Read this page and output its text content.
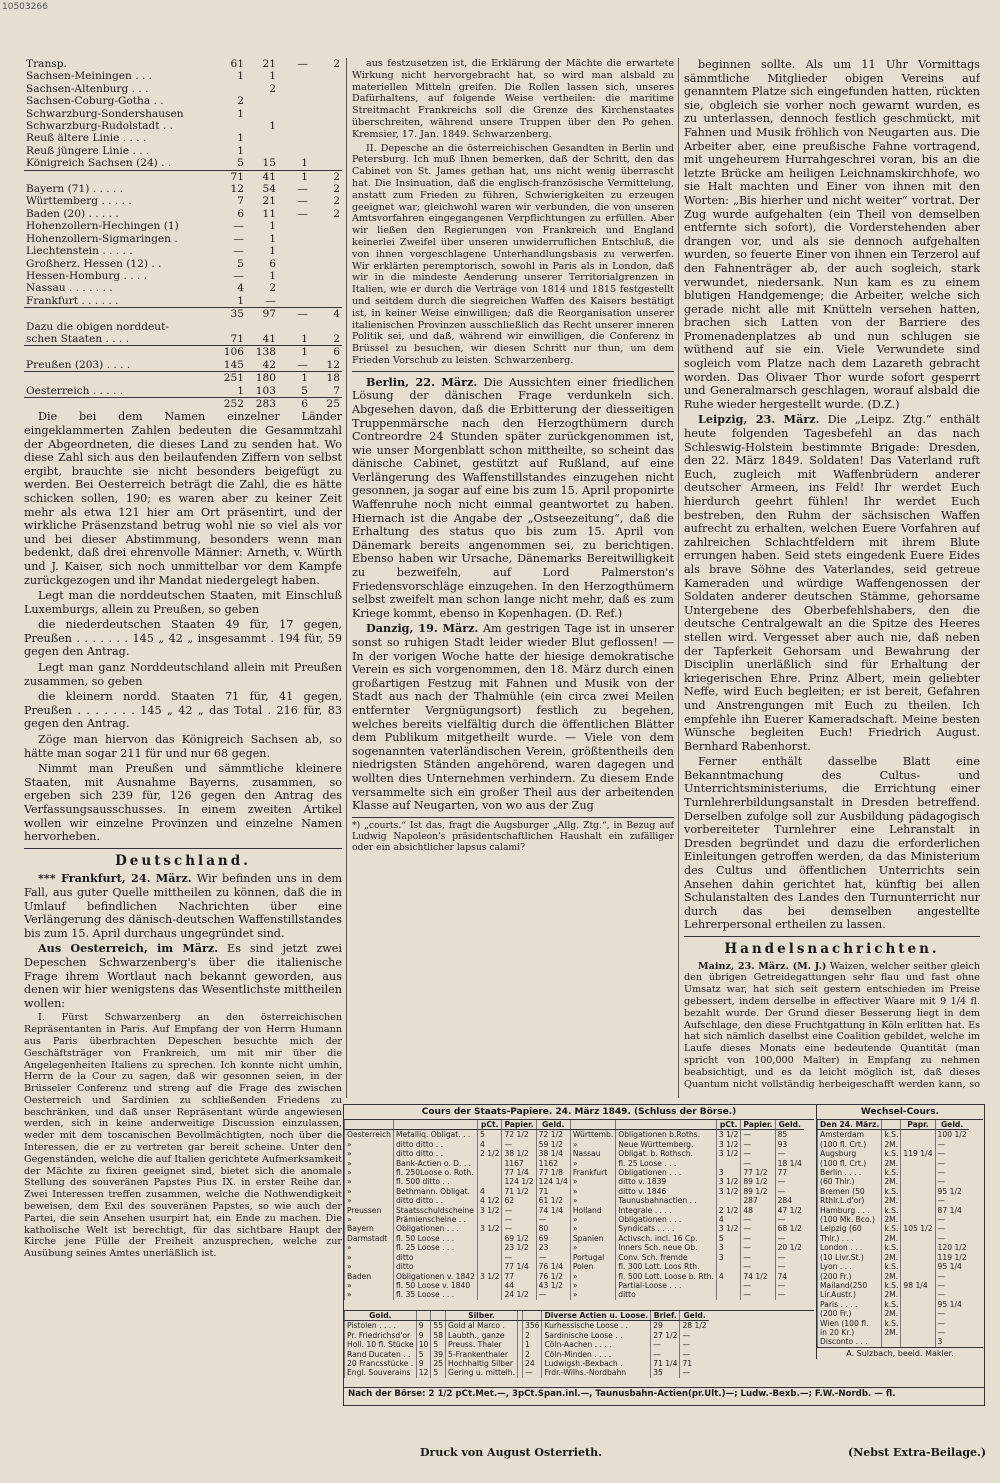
10503266
Transp.	61	21	—	2
Sachsen-Meiningen . . .	1	1		
Sachsen-Altenburg . . .		2		
Sachsen-Coburg-Gotha . .	2			
Schwarzburg-Sondershausen	1			
Schwarzburg-Rudolstadt . .		1		
Reuß ältere Linie . . . .	1			
Reuß jüngere Linie . . .	1			
Königreich Sachsen (24) . .	5	15	1	
	71	41	1	2
Bayern (71) . . . . .	12	54	—	2
Württemberg . . . . .	7	21	—	2
Baden (20) . . . . .	6	11	—	2
Hohenzollern-Hechingen (1)	—	1		
Hohenzollern-Sigmaringen .	—	1		
Liechtenstein . . . . .	—	1		
Großherz. Hessen (12) . .	5	6		
Hessen-Homburg . . . .	—	1		
Nassau . . . . . . .	4	2		
Frankfurt . . . . . .	1	—		
	35	97	—	4
Dazu die obigen norddeut-				
schen Staaten . . . .	71	41	1	2
	106	138	1	6
Preußen (203) . . . .	145	42	—	12
	251	180	1	18
Oesterreich . . . . .	1	103	5	7
	252	283	6	25

Die bei dem Namen einzelner Länder eingeklammerten Zahlen bedeuten die Gesammtzahl der Abgeordneten, die dieses Land zu senden hat. Wo diese Zahl sich aus den beilaufenden Ziffern von selbst ergibt, brauchte sie nicht besonders beigefügt zu werden. Bei Oesterreich beträgt die Zahl, die es hätte schicken sollen, 190; es waren aber zu keiner Zeit mehr als etwa 121 hier am Ort präsentirt, und der wirkliche Präsenzstand betrug wohl nie so viel als vor und bei dieser Abstimmung, besonders wenn man bedenkt, daß drei ehrenvolle Männer: Arneth, v. Würth und J. Kaiser, sich noch unmittelbar vor dem Kampfe zurückgezogen und ihr Mandat niedergelegt haben.

Legt man die norddeutschen Staaten, mit Einschluß Luxemburgs, allein zu Preußen, so geben

die niederdeutschen Staaten 49 für, 17 gegen, Preußen . . . . . . . 145 „ 42 „ insgesammt . 194 für, 59 gegen den Antrag.

Legt man ganz Norddeutschland allein mit Preußen zusammen, so geben

die kleinern nordd. Staaten 71 für, 41 gegen, Preußen . . . . . . . 145 „ 42 „ das Total . 216 für, 83 gegen den Antrag.

Zöge man hiervon das Königreich Sachsen ab, so hätte man sogar 211 für und nur 68 gegen.

Nimmt man Preußen und sämmtliche kleinere Staaten, mit Ausnahme Bayerns, zusammen, so ergeben sich 239 für, 126 gegen den Antrag des Verfassungsausschusses. In einem zweiten Artikel wollen wir einzelne Provinzen und einzelne Namen hervorheben.

Deutschland.

*** Frankfurt, 24. März. Wir befinden uns in dem Fall, aus guter Quelle mittheilen zu können, daß die in Umlauf befindlichen Nachrichten über eine Verlängerung des dänisch-deutschen Waffenstillstandes bis zum 15. April durchaus ungegründet sind.

Aus Oesterreich, im März. Es sind jetzt zwei Depeschen Schwarzenberg's über die italienische Frage ihrem Wortlaut nach bekannt geworden, aus denen wir hier wenigstens das Wesentlichste mittheilen wollen:

I. Fürst Schwarzenberg an den österreichischen Repräsentanten in Paris. Auf Empfang der von Herrn Humann aus Paris überbrachten Depeschen besuchte mich der Geschäftsträger von Frankreich, um mit mir über die Angelegenheiten Italiens zu sprechen. Ich konnte nicht umhin, Herrn de la Cour zu sagen, daß wir gesonnen seien, in der Brüsseler Conferenz und streng auf die Frage des zwischen Oesterreich und Sardinien zu schließenden Friedens zu beschränken, und daß unser Repräsentant würde angewiesen werden, sich in keine anderweitige Discussion einzulassen, weder mit dem toscanischen Bevollmächtigten, noch über die Interessen, die er zu vertreten gar bereit scheine. Unter den Gegenständen, welche die auf Italien gerichtete Aufmerksamkeit der Mächte zu fixiren geeignet sind, bietet sich die anomale Stellung des souveränen Papstes Pius IX. in erster Reihe dar. Zwei Interessen treffen zusammen, welche die Nothwendigkeit beweisen, dem Exil des souveränen Papstes, so wie auch der Partei, die sein Ansehen usurpirt hat, ein Ende zu machen. Die katholische Welt ist berechtigt, für das sichtbare Haupt der Kirche jene Fülle der Freiheit anzusprechen, welche zur Ausübung seines Amtes unerläßlich ist.

aus festzusetzen ist, die Erklärung der Mächte die erwartete Wirkung nicht hervorgebracht hat, so wird man alsbald zu materiellen Mitteln greifen. Die Rollen lassen sich, unseres Dafürhaltens, auf folgende Weise vertheilen: die maritime Streitmacht Frankreichs soll die Grenze des Kirchenstaates überschreiten, während unsere Truppen über den Po gehen. Kremsier, 17. Jan. 1849. Schwarzenberg.

II. Depesche an die österreichischen Gesandten in Berlin und Petersburg. Ich muß Ihnen bemerken, daß der Schritt, den das Cabinet von St. James gethan hat, uns nicht wenig überrascht hat. Die Insinuation, daß die englisch-französische Vermittelung, anstatt zum Frieden zu führen, Schwierigkeiten zu erzeugen geeignet war; gleichwohl waren wir verbunden, die von unseren Amtsvorfahren eingegangenen Verpflichtungen zu erfüllen. Aber wir ließen den Regierungen von Frankreich und England keinerlei Zweifel über unseren unwiderruflichen Entschluß, die von ihnen vorgeschlagene Unterhandlungsbasis zu verwerfen. Wir erklärten peremptorisch, sowohl in Paris als in London, daß wir in die mindeste Aenderung unserer Territorialgrenzen in Italien, wie er durch die Verträge von 1814 und 1815 festgestellt und seitdem durch die siegreichen Waffen des Kaisers bestätigt ist, in keiner Weise einwilligen; daß die Reorganisation unserer italienischen Provinzen ausschließlich das Recht unserer inneren Politik sei, und daß, während wir einwilligen, die Conferenz in Brüssel zu besuchen, wir diesen Schritt nur thun, um dem Frieden Vorschub zu leisten. Schwarzenberg.

Berlin, 22. März. Die Aussichten einer friedlichen Lösung der dänischen Frage verdunkeln sich. Abgesehen davon, daß die Erbitterung der diesseitigen Truppenmärsche nach den Herzogthümern durch Contreordre 24 Stunden später zurückgenommen ist, wie unser Morgenblatt schon mittheilte, so scheint das dänische Cabinet, gestützt auf Rußland, auf eine Verlängerung des Waffenstillstandes einzugehen nicht gesonnen, ja sogar auf eine bis zum 15. April proponirte Waffenruhe noch nicht einmal geantwortet zu haben. Hiernach ist die Angabe der „Ostseezeitung“, daß die Erhaltung des status quo bis zum 15. April von Dänemark bereits angenommen sei, zu berichtigen. Ebenso haben wir Ursache, Dänemarks Bereitwilligkeit zu bezweifeln, auf Lord Palmerston's Friedensvorschläge einzugehen. In den Herzogthümern selbst zweifelt man schon lange nicht mehr, daß es zum Kriege kommt, ebenso in Kopenhagen. (D. Ref.)

Danzig, 19. März. Am gestrigen Tage ist in unserer sonst so ruhigen Stadt leider wieder Blut geflossen! — In der vorigen Woche hatte der hiesige demokratische Verein es sich vorgenommen, den 18. März durch einen großartigen Festzug mit Fahnen und Musik von der Stadt aus nach der Thalmühle (ein circa zwei Meilen entfernter Vergnügungsort) festlich zu begehen, welches bereits vielfältig durch die öffentlichen Blätter dem Publikum mitgetheilt wurde. — Viele von dem sogenannten vaterländischen Verein, größtentheils den niedrigsten Ständen angehörend, waren dagegen und wollten dies Unternehmen verhindern. Zu diesem Ende versammelte sich ein großer Theil aus der arbeitenden Klasse auf Neugarten, von wo aus der Zug

*) „courts.“ Ist das, fragt die Augsburger „Allg. Ztg.“, in Bezug auf Ludwig Napoleon's präsidentschaftlichen Haushalt ein zufälliger oder ein absichtlicher lapsus calami?

beginnen sollte. Als um 11 Uhr Vormittags sämmtliche Mitglieder obigen Vereins auf genanntem Platze sich eingefunden hatten, rückten sie, obgleich sie vorher noch gewarnt wurden, es zu unterlassen, dennoch festlich geschmückt, mit Fahnen und Musik fröhlich von Neugarten aus. Die Arbeiter aber, eine preußische Fahne vortragend, mit ungeheurem Hurrahgeschrei voran, bis an die letzte Brücke am heiligen Leichnamskirchhofe, wo sie Halt machten und Einer von ihnen mit den Worten: „Bis hierher und nicht weiter“ vortrat. Der Zug wurde aufgehalten (ein Theil von demselben entfernte sich sofort), die Vorderstehenden aber drangen vor, und als sie dennoch aufgehalten wurden, so feuerte Einer von ihnen ein Terzerol auf den Fahnenträger ab, der auch sogleich, stark verwundet, niedersank. Nun kam es zu einem blutigen Handgemenge; die Arbeiter, welche sich gerade nicht alle mit Knütteln versehen hatten, brachen sich Latten von der Barriere des Promenadenplatzes ab und nun schlugen sie wüthend auf sie ein. Viele Verwundete sind sogleich vom Platze nach dem Lazareth gebracht worden. Das Olivaer Thor wurde sofort gesperrt und Generalmarsch geschlagen, worauf alsbald die Ruhe wieder hergestellt wurde. (D.Z.)

Leipzig, 23. März. Die „Leipz. Ztg.“ enthält heute folgenden Tagesbefehl an das nach Schleswig-Holstein bestimmte Brigade: Dresden, den 22. März 1849. Soldaten! Das Vaterland ruft Euch, zugleich mit Waffenbrüdern anderer deutscher Armeen, ins Feld! Ihr werdet Euch hierdurch geehrt fühlen! Ihr werdet Euch bestreben, den Ruhm der sächsischen Waffen aufrecht zu erhalten, welchen Euere Vorfahren auf zahlreichen Schlachtfeldern mit ihrem Blute errungen haben. Seid stets eingedenk Euere Eides als brave Söhne des Vaterlandes, seid getreue Kameraden und würdige Waffengenossen der Soldaten anderer deutschen Stämme, gehorsame Untergebene des Oberbefehlshabers, den die deutsche Centralgewalt an die Spitze des Heeres stellen wird. Vergesset aber auch nie, daß neben der Tapferkeit Gehorsam und Bewahrung der Disciplin unerläßlich sind für Erhaltung der kriegerischen Ehre. Prinz Albert, mein geliebter Neffe, wird Euch begleiten; er ist bereit, Gefahren und Anstrengungen mit Euch zu theilen. Ich empfehle ihn Euerer Kameradschaft. Meine besten Wünsche begleiten Euch! Friedrich August. Bernhard Rabenhorst.

Ferner enthält dasselbe Blatt eine Bekanntmachung des Cultus- und Unterrichtsministeriums, die Errichtung einer Turnlehrerbildungsanstalt in Dresden betreffend. Derselben zufolge soll zur Ausbildung pädagogisch vorbereiteter Turnlehrer eine Lehranstalt in Dresden begründet und dazu die erforderlichen Einleitungen getroffen werden, da das Ministerium des Cultus und öffentlichen Unterrichts sein Ansehen dahin gerichtet hat, künftig bei allen Schulanstalten des Landes den Turnunterricht nur durch das bei demselben angestellte Lehrerpersonal ertheilen zu lassen.

Handelsnachrichten.

Mainz, 23. März. (M. J.) Waizen, welcher seither gleich den übrigen Getreidegattungen sehr flau und fast ohne Umsatz war, hat sich seit gestern entschieden im Preise gebessert, indem derselbe in effectiver Waare mit 9 1/4 fl. bezahlt wurde. Der Grund dieser Besserung liegt in dem Aufschlage, den diese Fruchtgattung in Köln erlitten hat. Es hat sich nämlich daselbst eine Coalition gebildet, welche im Laufe dieses Monats eine bedeutende Quantität (man spricht von 100,000 Malter) in Empfang zu nehmen beabsichtigt, und es da leicht möglich ist, daß dieses Quantum nicht vollständig herbeigeschafft werden kann, so

Cours der Staats-Papiere. 24. März 1849. (Schluss der Börse.)
		pCt.	Papier.	Geld.			pCt.	Papier.	Geld.
Oesterreich	Metalliq. Obligat. . .	5	72 1/2	72 1/2	Württemb.	Obligationen b.Roths.	3 1/2	—	85
»	ditto ditto . .	4	—	59 1/2	»	Neue Württemberg.	3 1/2	—	93
»	ditto ditto . .	2 1/2	38 1/2	38 1/4	Nassau	Obligat. b. Rothsch.	3 1/2	—	—
»	Bank-Actien o. D. . .		1167	1162	»	fl. 25 Loose . . .		—	18 1/4
»	fl. 250Loose o. Roth.		77 1/4	77 1/8	Frankfurt	Obligationen . . .	3	77 1/2	77
»	fl. 500 ditto . .		124 1/2	124 1/4	»	ditto v. 1839	3 1/2	89 1/2	—
»	Bethmann. Obligat.	4	71 1/2	71	»	ditto v. 1846	3 1/2	89 1/2	—
»	ditto ditto . .	4 1/2	62	61 1/2	»	Taunusbahnactien . .		287	284
Preussen	Staatsschuldscheine	3 1/2	—	74 1/4	Holland	Integrale . . . .	2 1/2	48	47 1/2
»	Prämienscheine . .		—	—	»	Obligationen . . .	4	—	—
Bayern	Obligationen . . .	3 1/2	—	80	»	Syndicats . . . .	3 1/2	—	68 1/2
Darmstadt	fl. 50 Loose . . .		69 1/2	69	Spanien	Activsch. incl. 16 Cp.	5	—	—
»	fl. 25 Loose . . .		23 1/2	23	»	Inners Sch. neue Ob.	3	—	20 1/2
»	ditto		—	—	Portugal	Conv. Sch. fremde	3	—	—
»	ditto		77 1/4	76 1/4	Polen	fl. 300 Lott. Loos Rth.		—	—
Baden	Obligationen v. 1842	3 1/2	77	76 1/2	»	fl. 500 Lott. Loose b. Rth.	4	74 1/2	74
»	fl. 50 Loose v. 1840		44	43 1/2	»	Partial-Loose . . .		—	—
»	fl. 35 Loose . . .		24 1/2	—	»	ditto		—	—
Wechsel-Cours.
Den 24. März.		Papr.	Geld.
Amsterdam	k.S.		100 1/2
(100 fl. Crt.)	2M.		—
Augsburg	k.S.	119 1/4	—
(100 fl. Crt.)	2M.		—
Berlin . . . .	k.S.		—
(60 Thlr.)	2M.		—
Bremen (50	k.S.		95 1/2
Rthlr.L.d'or)	2M.		—
Hamburg . . .	k.S.		87 1/4
(100 Mk. Bco.)	2M.		—
Leipzig (60	k.S.	105 1/2	—
Thlr.) . . .	2M.		—
London . . .	k.S.		120 1/2
(10 Livr.St.)	2M.		119 1/2
Lyon . . .	k.S.		95 1/4
(200 Fr.)	2M.		—
Mailand(250	k.S.	98 1/4	—
Lir.Austr.)	2M.		—
Paris . . . .	k.S.		95 1/4
(200 Fr.)	2M.		—
Wien (100 fl.	k.S.		—
in 20 Kr.)	2M.		—
Disconto . . .			3
A. Sulzbach, beeid. Makler.
Gold.			Silber.			Diverse Actien u. Loose.	Brief.	Geld.
Pistolen . . . .	9	55	Gold al Marco .		356	Kurhessische Loose . .	29	28 1/2
Pr. Friedrichsd'or	9	58	Laubth., ganze		2	Sardinische Loose . .	27 1/2	—
Holl. 10 fl. Stücke	10	5	Preuss. Thaler		1	Cöln-Aachen . . . .	—	—
Rand Ducaten . .	5	39	5-Frankenthaler		2	Cöln-Minden . . . .	—	—
20 Francsstücke .	9	25	Hochhaltig Silber		24	Ludwigsh.-Bexbach .	71 1/4	71
Engl. Souverains	12	5	Gering u. mittelh.		—	Frdr.-Wilhs.-Nordbahn	35	—
Nach der Börse: 2 1/2 pCt.Met.—, 3pCt.Span.inl.—, Taunusbahn-Actien(pr.Ult.)—; Ludw.-Bexb.—; F.W.-Nordb. — fl.
Druck von August Osterrieth.	(Nebst Extra-Beilage.)
